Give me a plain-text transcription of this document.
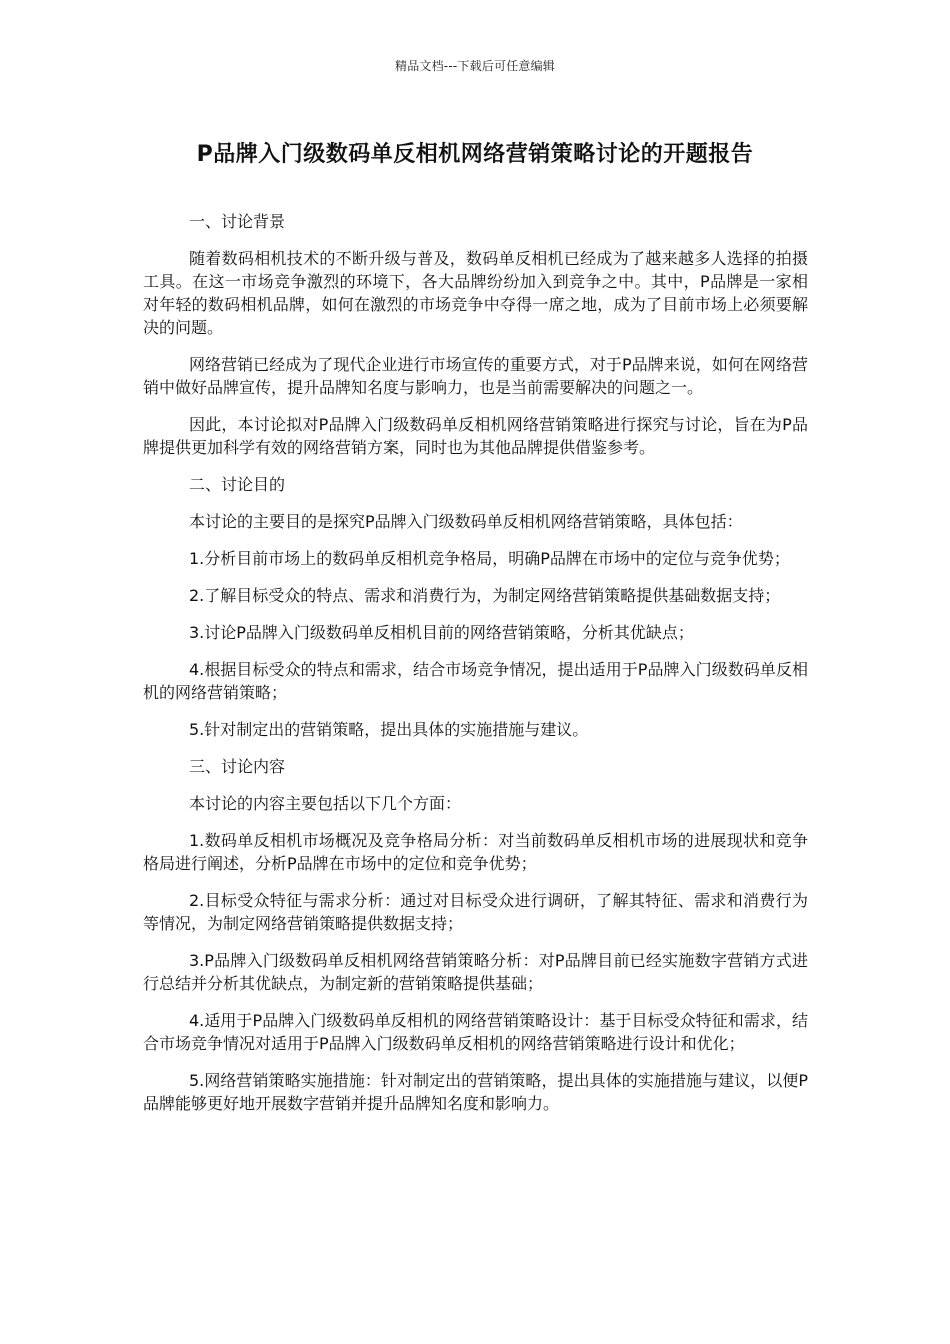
精品文档---下载后可任意编辑
P品牌入门级数码单反相机网络营销策略讨论的开题报告

一、讨论背景

随着数码相机技术的不断升级与普及，数码单反相机已经成为了越来越多人选择的拍摄工具。在这一市场竞争激烈的环境下，各大品牌纷纷加入到竞争之中。其中，P品牌是一家相对年轻的数码相机品牌，如何在激烈的市场竞争中夺得一席之地，成为了目前市场上必须要解决的问题。

网络营销已经成为了现代企业进行市场宣传的重要方式，对于P品牌来说，如何在网络营销中做好品牌宣传，提升品牌知名度与影响力，也是当前需要解决的问题之一。

因此，本讨论拟对P品牌入门级数码单反相机网络营销策略进行探究与讨论，旨在为P品牌提供更加科学有效的网络营销方案，同时也为其他品牌提供借鉴参考。

二、讨论目的

本讨论的主要目的是探究P品牌入门级数码单反相机网络营销策略，具体包括：

1.分析目前市场上的数码单反相机竞争格局，明确P品牌在市场中的定位与竞争优势；

2.了解目标受众的特点、需求和消费行为，为制定网络营销策略提供基础数据支持；

3.讨论P品牌入门级数码单反相机目前的网络营销策略，分析其优缺点；

4.根据目标受众的特点和需求，结合市场竞争情况，提出适用于P品牌入门级数码单反相机的网络营销策略；

5.针对制定出的营销策略，提出具体的实施措施与建议。

三、讨论内容

本讨论的内容主要包括以下几个方面：

1.数码单反相机市场概况及竞争格局分析：对当前数码单反相机市场的进展现状和竞争格局进行阐述，分析P品牌在市场中的定位和竞争优势；

2.目标受众特征与需求分析：通过对目标受众进行调研，了解其特征、需求和消费行为等情况，为制定网络营销策略提供数据支持；

3.P品牌入门级数码单反相机网络营销策略分析：对P品牌目前已经实施数字营销方式进行总结并分析其优缺点，为制定新的营销策略提供基础；

4.适用于P品牌入门级数码单反相机的网络营销策略设计：基于目标受众特征和需求，结合市场竞争情况对适用于P品牌入门级数码单反相机的网络营销策略进行设计和优化；

5.网络营销策略实施措施：针对制定出的营销策略，提出具体的实施措施与建议，以便P品牌能够更好地开展数字营销并提升品牌知名度和影响力。
